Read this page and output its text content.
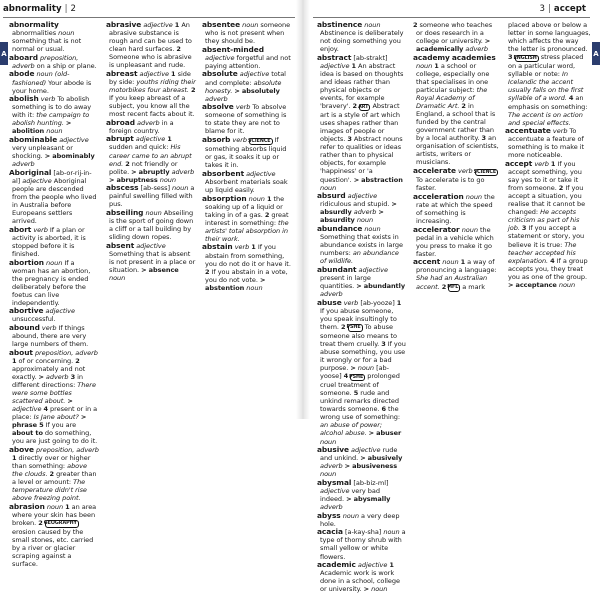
abnormality | 2	3 | accept
A	A
abnormality abnormalities noun something that is not normal or usual.
aboard preposition, adverb on a ship or plane.
abode noun (old-fashioned) Your abode is your home.
abolish verb To abolish something is to do away with it: the campaign to abolish hunting. > abolition noun
abominable adjective very unpleasant or shocking. > abominably adverb
Aboriginal [ab-or-rij-in-al] adjective Aboriginal people are descended from the people who lived in Australia before Europeans settlers arrived.
abort verb If a plan or activity is aborted, it is stopped before it is finished.
abortion noun If a woman has an abortion, the pregnancy is ended deliberately before the foetus can live independently.
abortive adjective unsuccessful.
abound verb If things abound, there are very large numbers of them.
about preposition, adverb 1 of or concerning. 2 approximately and not exactly. > adverb 3 in different directions: There were some bottles scattered about. > adjective 4 present or in a place: Is Jane about? > phrase 5 If you are about to do something, you are just going to do it.
above preposition, adverb 1 directly over or higher than something: above the clouds. 2 greater than a level or amount: The temperature didn't rise above freezing point.
abrasion noun 1 an area where your skin has been broken. 2 GEOGRAPHY erosion caused by the small stones, etc. carried by a river or glacier scraping against a surface.
abrasive adjective 1 An abrasive substance is rough and can be used to clean hard surfaces. 2 Someone who is abrasive is unpleasant and rude.
abreast adjective 1 side by side: youths riding their motorbikes four abreast. 2 If you keep abreast of a subject, you know all the most recent facts about it.
abroad adverb in a foreign country.
abrupt adjective 1 sudden and quick: His career came to an abrupt end. 2 not friendly or polite. > abruptly adverb > abruptness noun
abscess [ab-sess] noun a painful swelling filled with pus.
abseiling noun Abseiling is the sport of going down a cliff or a tall building by sliding down ropes.
absent adjective Something that is absent is not present in a place or situation. > absence noun
absentee noun someone who is not present when they should be.
absent-minded adjective forgetful and not paying attention.
absolute adjective total and complete: absolute honesty. > absolutely adverb
absolve verb To absolve someone of something is to state they are not to blame for it.
absorb verb SCIENCE If something absorbs liquid or gas, it soaks it up or takes it in.
absorbent adjective Absorbent materials soak up liquid easily.
absorption noun 1 the soaking up of a liquid or taking in of a gas. 2 great interest in something: the artists' total absorption in their work.
abstain verb 1 If you abstain from something, you do not do it or have it. 2 If you abstain in a vote, you do not vote. > abstention noun
abstinence noun Abstinence is deliberately not doing something you enjoy.
abstract [ab-strakt] adjective 1 An abstract idea is based on thoughts and ideas rather than physical objects or events, for example 'bravery'. 2 ART Abstract art is a style of art which uses shapes rather than images of people or objects. 3 Abstract nouns refer to qualities or ideas rather than to physical objects, for example 'happiness' or 'a question'. > abstraction noun
absurd adjective ridiculous and stupid. > absurdly adverb > absurdity noun
abundance noun Something that exists in abundance exists in large numbers: an abundance of wildlife.
abundant adjective present in large quantities. > abundantly adverb
abuse verb [ab-yooze] 1 If you abuse someone, you speak insultingly to them. 2 PSHE To abuse someone also means to treat them cruelly. 3 If you abuse something, you use it wrongly or for a bad purpose. > noun [ab-yoose] 4 PSHE prolonged cruel treatment of someone. 5 rude and unkind remarks directed towards someone. 6 the wrong use of something: an abuse of power; alcohol abuse. > abuser noun
abusive adjective rude and unkind. > abusively adverb > abusiveness noun
abysmal [ab-biz-ml] adjective very bad indeed. > abysmally adverb
abyss noun a very deep hole.
acacia [a-kay-sha] noun a type of thorny shrub with small yellow or white flowers.
academic adjective 1 Academic work is work done in a school, college or university. > noun
2 someone who teaches or does research in a college or university. > academically adverb
academy academies noun 1 a school or college, especially one that specialises in one particular subject: the Royal Academy of Dramatic Art. 2 in England, a school that is funded by the central government rather than by a local authority. 3 an organisation of scientists, artists, writers or musicians.
accelerate verb SCIENCE To accelerate is to go faster.
acceleration noun the rate at which the speed of something is increasing.
accelerator noun the pedal in a vehicle which you press to make it go faster.
accent noun 1 a way of pronouncing a language: She had an Australian accent. 2 MFL a mark placed above or below a letter in some languages, which affects the way the letter is pronounced. 3 ENGLISH stress placed on a particular word, syllable or note: In Icelandic the accent usually falls on the first syllable of a word. 4 an emphasis on something: The accent is on action and special effects.
accentuate verb To accentuate a feature of something is to make it more noticeable.
accept verb 1 If you accept something, you say yes to it or take it from someone. 2 If you accept a situation, you realise that it cannot be changed: He accepts criticism as part of his job. 3 If you accept a statement or story, you believe it is true: The teacher accepted his explanation. 4 If a group accepts you, they treat you as one of the group. > acceptance noun
